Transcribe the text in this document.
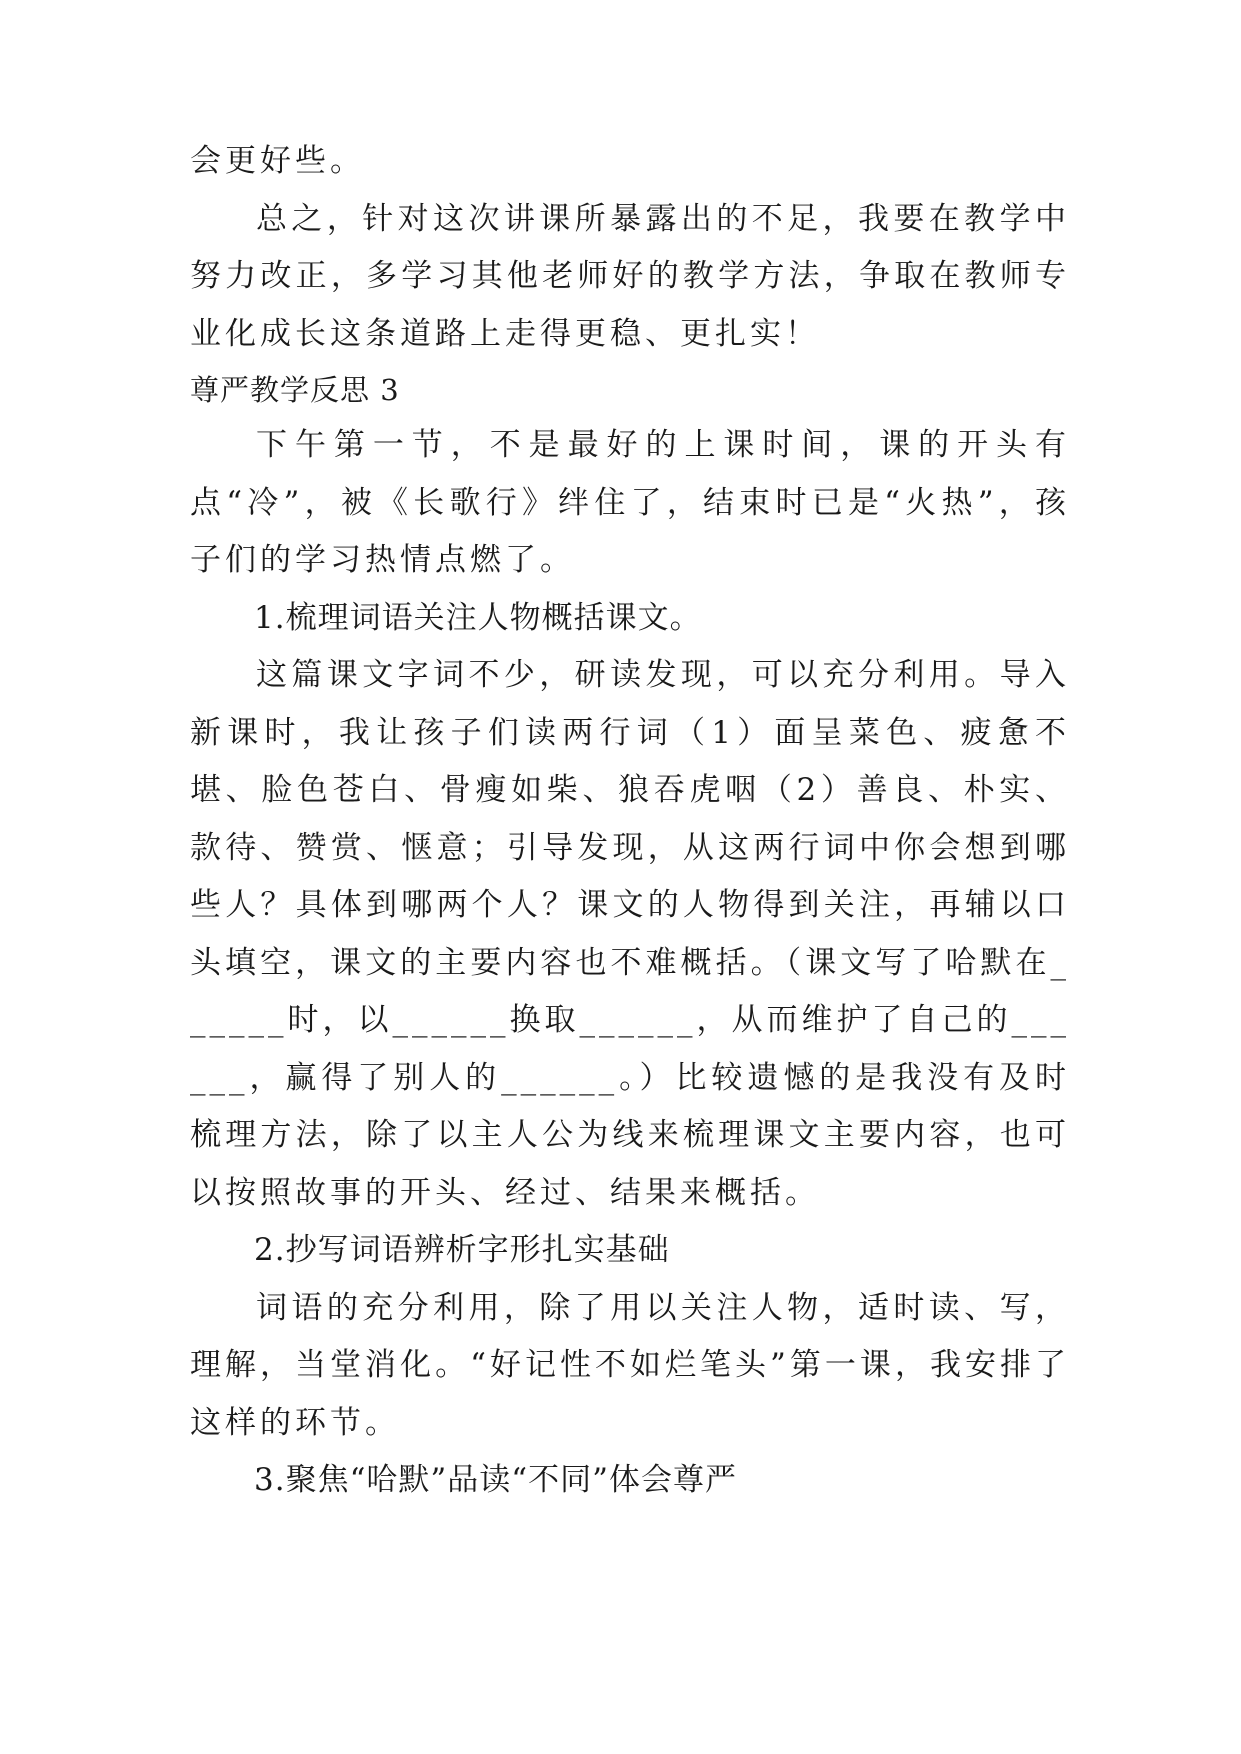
会更好些。

总之，针对这次讲课所暴露出的不足，我要在教学中努力改正，多学习其他老师好的教学方法，争取在教师专业化成长这条道路上走得更稳、更扎实！

尊严教学反思 3

下午第一节，不是最好的上课时间，课的开头有点“冷”，被《长歌行》绊住了，结束时已是“火热”，孩子们的学习热情点燃了。

1.梳理词语关注人物概括课文。

这篇课文字词不少，研读发现，可以充分利用。导入新课时，我让孩子们读两行词（1）面呈菜色、疲惫不堪、脸色苍白、骨瘦如柴、狼吞虎咽（2）善良、朴实、款待、赞赏、惬意；引导发现，从这两行词中你会想到哪些人？具体到哪两个人？课文的人物得到关注，再辅以口头填空，课文的主要内容也不难概括。（课文写了哈默在______时，以______换取______，从而维护了自己的______，赢得了别人的______。）比较遗憾的是我没有及时梳理方法，除了以主人公为线来梳理课文主要内容，也可以按照故事的开头、经过、结果来概括。

2.抄写词语辨析字形扎实基础

词语的充分利用，除了用以关注人物，适时读、写，理解，当堂消化。“好记性不如烂笔头”第一课，我安排了这样的环节。

3.聚焦“哈默”品读“不同”体会尊严
